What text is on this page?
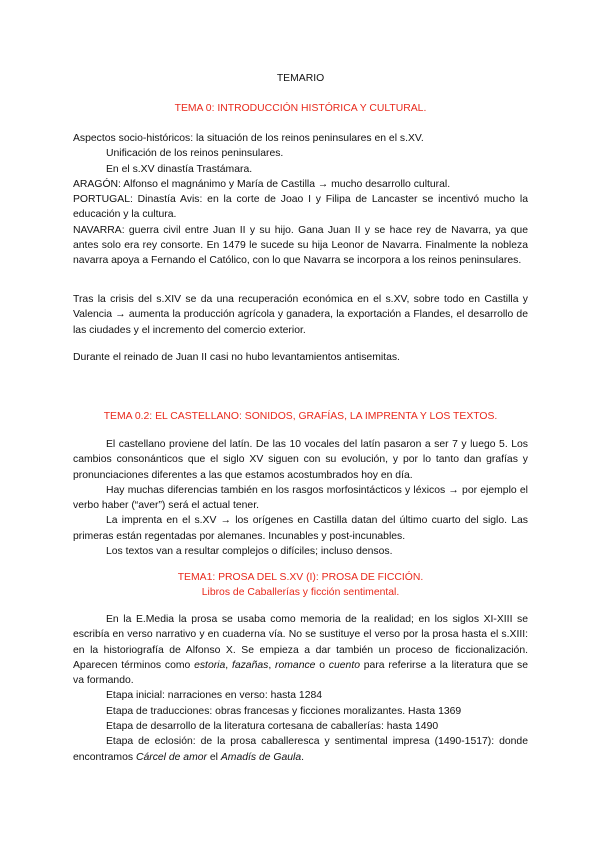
TEMARIO
TEMA 0: INTRODUCCIÓN HISTÓRICA Y CULTURAL.

Aspectos socio-históricos: la situación de los reinos peninsulares en el s.XV.

Unificación de los reinos peninsulares.

En el s.XV dinastía Trastámara.

ARAGÓN: Alfonso el magnánimo y María de Castilla → mucho desarrollo cultural.

PORTUGAL: Dinastía Avis: en la corte de Joao I y Filipa de Lancaster se incentivó mucho la educación y la cultura.

NAVARRA: guerra civil entre Juan II y su hijo. Gana Juan II y se hace rey de Navarra, ya que antes solo era rey consorte. En 1479 le sucede su hija Leonor de Navarra. Finalmente la nobleza navarra apoya a Fernando el Católico, con lo que Navarra se incorpora a los reinos peninsulares.

Tras la crisis del s.XIV se da una recuperación económica en el s.XV, sobre todo en Castilla y Valencia → aumenta la producción agrícola y ganadera, la exportación a Flandes, el desarrollo de las ciudades y el incremento del comercio exterior.

Durante el reinado de Juan II casi no hubo levantamientos antisemitas.

TEMA 0.2: EL CASTELLANO: SONIDOS, GRAFÍAS, LA IMPRENTA Y LOS TEXTOS.

El castellano proviene del latín. De las 10 vocales del latín pasaron a ser 7 y luego 5. Los cambios consonánticos que el siglo XV siguen con su evolución, y por lo tanto dan grafías y pronunciaciones diferentes a las que estamos acostumbrados hoy en día.

Hay muchas diferencias también en los rasgos morfosintácticos y léxicos → por ejemplo el verbo haber (“aver”) será el actual tener.

La imprenta en el s.XV → los orígenes en Castilla datan del último cuarto del siglo. Las primeras están regentadas por alemanes. Incunables y post-incunables.

Los textos van a resultar complejos o difíciles; incluso densos.

TEMA1: PROSA DEL S.XV (I): PROSA DE FICCIÓN.
Libros de Caballerías y ficción sentimental.

En la E.Media la prosa se usaba como memoria de la realidad; en los siglos XI-XIII se escribía en verso narrativo y en cuaderna vía. No se sustituye el verso por la prosa hasta el s.XIII: en la historiografía de Alfonso X. Se empieza a dar también un proceso de ficcionalización. Aparecen términos como estoria, fazañas, romance o cuento para referirse a la literatura que se va formando.

Etapa inicial: narraciones en verso: hasta 1284

Etapa de traducciones: obras francesas y ficciones moralizantes. Hasta 1369

Etapa de desarrollo de la literatura cortesana de caballerías: hasta 1490

Etapa de eclosión: de la prosa caballeresca y sentimental impresa (1490-1517): donde encontramos Cárcel de amor el Amadís de Gaula.
